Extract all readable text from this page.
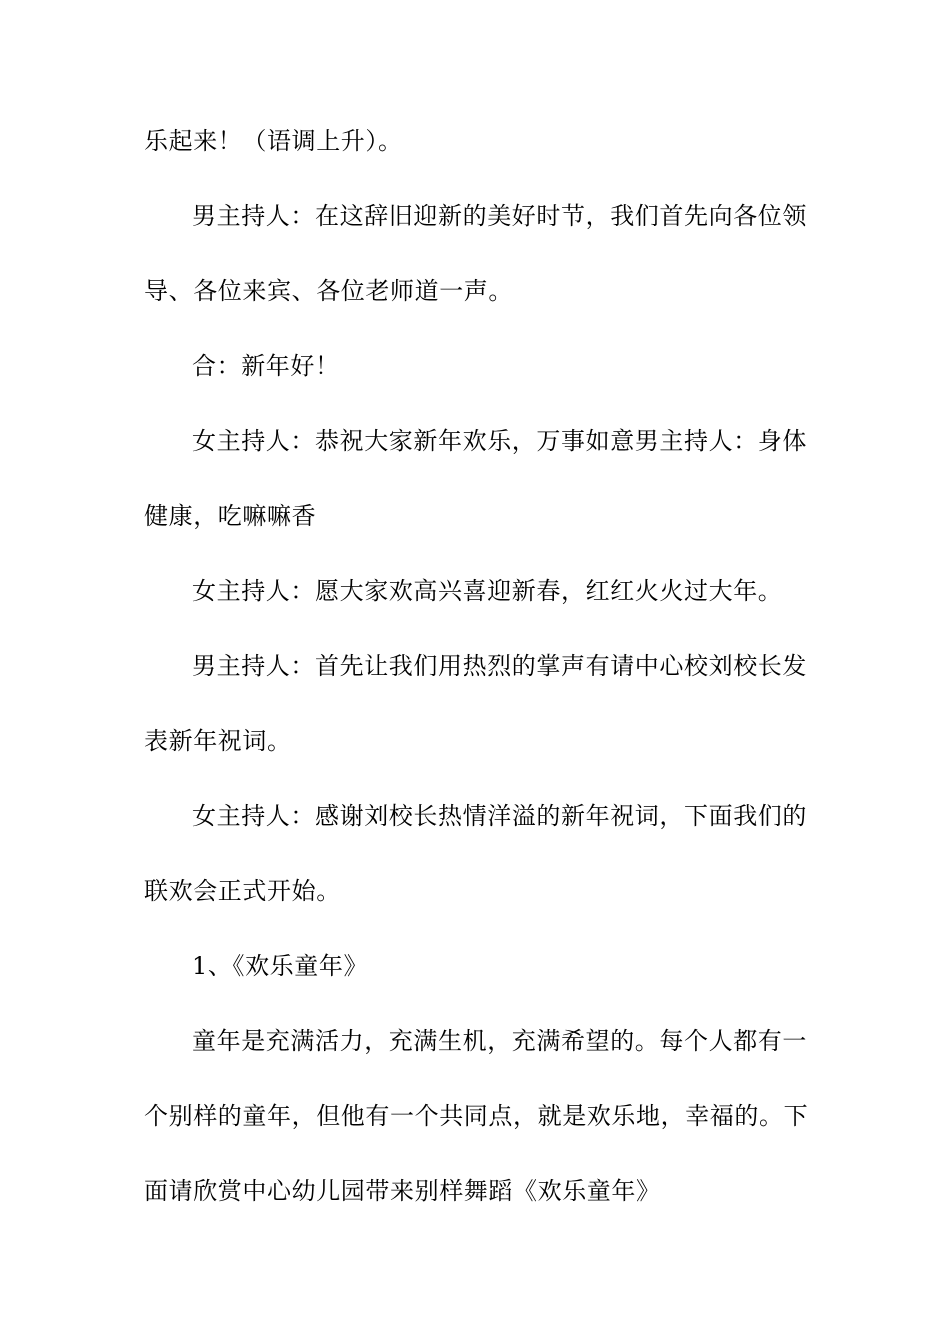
乐起来！（语调上升）。
男主持人：在这辞旧迎新的美好时节，我们首先向各位领
导、各位来宾、各位老师道一声。
合：新年好！
女主持人：恭祝大家新年欢乐，万事如意男主持人：身体
健康，吃嘛嘛香
女主持人：愿大家欢高兴喜迎新春，红红火火过大年。
男主持人：首先让我们用热烈的掌声有请中心校刘校长发
表新年祝词。
女主持人：感谢刘校长热情洋溢的新年祝词，下面我们的
联欢会正式开始。
1、《欢乐童年》
童年是充满活力，充满生机，充满希望的。每个人都有一
个别样的童年，但他有一个共同点，就是欢乐地，幸福的。下
面请欣赏中心幼儿园带来别样舞蹈《欢乐童年》
